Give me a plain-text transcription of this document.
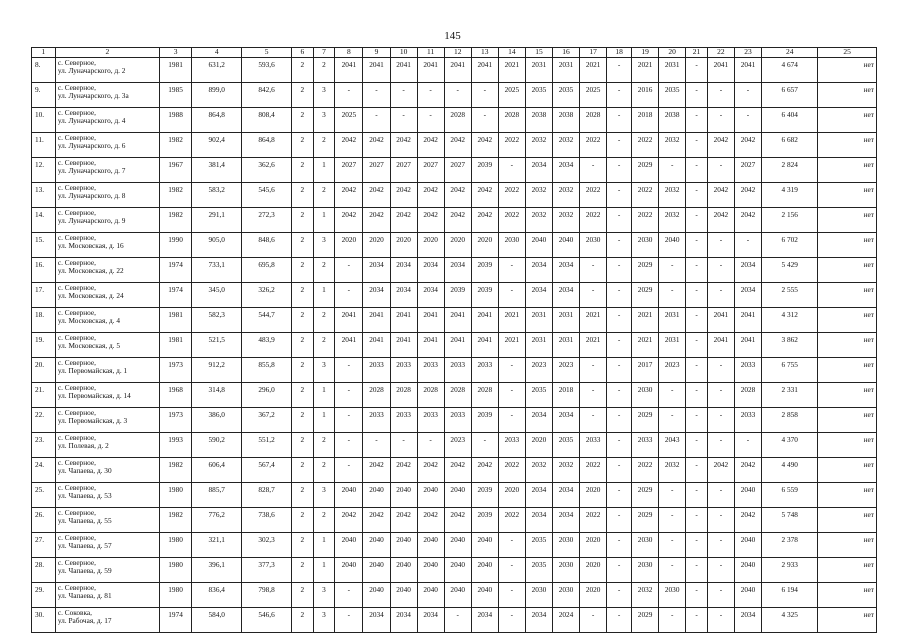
145
1	2	3	4	5	6	7	8	9	10	11	12	13	14	15	16	17	18	19	20	21	22	23	24	25
8.	с. Северное,
ул. Луначарского, д. 2	1981	631,2	593,6	2	2	2041	2041	2041	2041	2041	2041	2021	2031	2031	2021	-	2021	2031	-	2041	2041	4 674	нет
9.	с. Северное,
ул. Луначарского, д. 3а	1985	899,0	842,6	2	3	-	-	-	-	-	-	2025	2035	2035	2025	-	2016	2035	-	-	-	6 657	нет
10.	с. Северное,
ул. Луначарского, д. 4	1988	864,8	808,4	2	3	2025	-	-	-	2028	-	2028	2038	2038	2028	-	2018	2038	-	-	-	6 404	нет
11.	с. Северное,
ул. Луначарского, д. 6	1982	902,4	864,8	2	2	2042	2042	2042	2042	2042	2042	2022	2032	2032	2022	-	2022	2032	-	2042	2042	6 682	нет
12.	с. Северное,
ул. Луначарского, д. 7	1967	381,4	362,6	2	1	2027	2027	2027	2027	2027	2039	-	2034	2034	-	-	2029	-	-	-	2027	2 824	нет
13.	с. Северное,
ул. Луначарского, д. 8	1982	583,2	545,6	2	2	2042	2042	2042	2042	2042	2042	2022	2032	2032	2022	-	2022	2032	-	2042	2042	4 319	нет
14.	с. Северное,
ул. Луначарского, д. 9	1982	291,1	272,3	2	1	2042	2042	2042	2042	2042	2042	2022	2032	2032	2022	-	2022	2032	-	2042	2042	2 156	нет
15.	с. Северное,
ул. Московская, д. 16	1990	905,0	848,6	2	3	2020	2020	2020	2020	2020	2020	2030	2040	2040	2030	-	2030	2040	-	-	-	6 702	нет
16.	с. Северное,
ул. Московская, д. 22	1974	733,1	695,8	2	2	-	2034	2034	2034	2034	2039	-	2034	2034	-	-	2029	-	-	-	2034	5 429	нет
17.	с. Северное,
ул. Московская, д. 24	1974	345,0	326,2	2	1	-	2034	2034	2034	2039	2039	-	2034	2034	-	-	2029	-	-	-	2034	2 555	нет
18.	с. Северное,
ул. Московская, д. 4	1981	582,3	544,7	2	2	2041	2041	2041	2041	2041	2041	2021	2031	2031	2021	-	2021	2031	-	2041	2041	4 312	нет
19.	с. Северное,
ул. Московская, д. 5	1981	521,5	483,9	2	2	2041	2041	2041	2041	2041	2041	2021	2031	2031	2021	-	2021	2031	-	2041	2041	3 862	нет
20.	с. Северное,
ул. Первомайская, д. 1	1973	912,2	855,8	2	3	-	2033	2033	2033	2033	2033	-	2023	2023	-	-	2017	2023	-	-	2033	6 755	нет
21.	с. Северное,
ул. Первомайская, д. 14	1968	314,8	296,0	2	1	-	2028	2028	2028	2028	2028	-	2035	2018	-	-	2030	-	-	-	2028	2 331	нет
22.	с. Северное,
ул. Первомайская, д. 3	1973	386,0	367,2	2	1	-	2033	2033	2033	2033	2039	-	2034	2034	-	-	2029	-	-	-	2033	2 858	нет
23.	с. Северное,
ул. Полевая, д. 2	1993	590,2	551,2	2	2	-	-	-	-	2023	-	2033	2020	2035	2033	-	2033	2043	-	-	-	4 370	нет
24.	с. Северное,
ул. Чапаева, д. 30	1982	606,4	567,4	2	2	-	2042	2042	2042	2042	2042	2022	2032	2032	2022	-	2022	2032	-	2042	2042	4 490	нет
25.	с. Северное,
ул. Чапаева, д. 53	1980	885,7	828,7	2	3	2040	2040	2040	2040	2040	2039	2020	2034	2034	2020	-	2029	-	-	-	2040	6 559	нет
26.	с. Северное,
ул. Чапаева, д. 55	1982	776,2	738,6	2	2	2042	2042	2042	2042	2042	2039	2022	2034	2034	2022	-	2029	-	-	-	2042	5 748	нет
27.	с. Северное,
ул. Чапаева, д. 57	1980	321,1	302,3	2	1	2040	2040	2040	2040	2040	2040	-	2035	2030	2020	-	2030	-	-	-	2040	2 378	нет
28.	с. Северное,
ул. Чапаева, д. 59	1980	396,1	377,3	2	1	2040	2040	2040	2040	2040	2040	-	2035	2030	2020	-	2030	-	-	-	2040	2 933	нет
29.	с. Северное,
ул. Чапаева, д. 81	1980	836,4	798,8	2	3	-	2040	2040	2040	2040	2040	-	2030	2030	2020	-	2032	2030	-	-	2040	6 194	нет
30.	с. Соковка,
ул. Рабочая, д. 17	1974	584,0	546,6	2	3	-	2034	2034	2034	-	2034	-	2034	2024	-	-	2029	-	-	-	2034	4 325	нет
